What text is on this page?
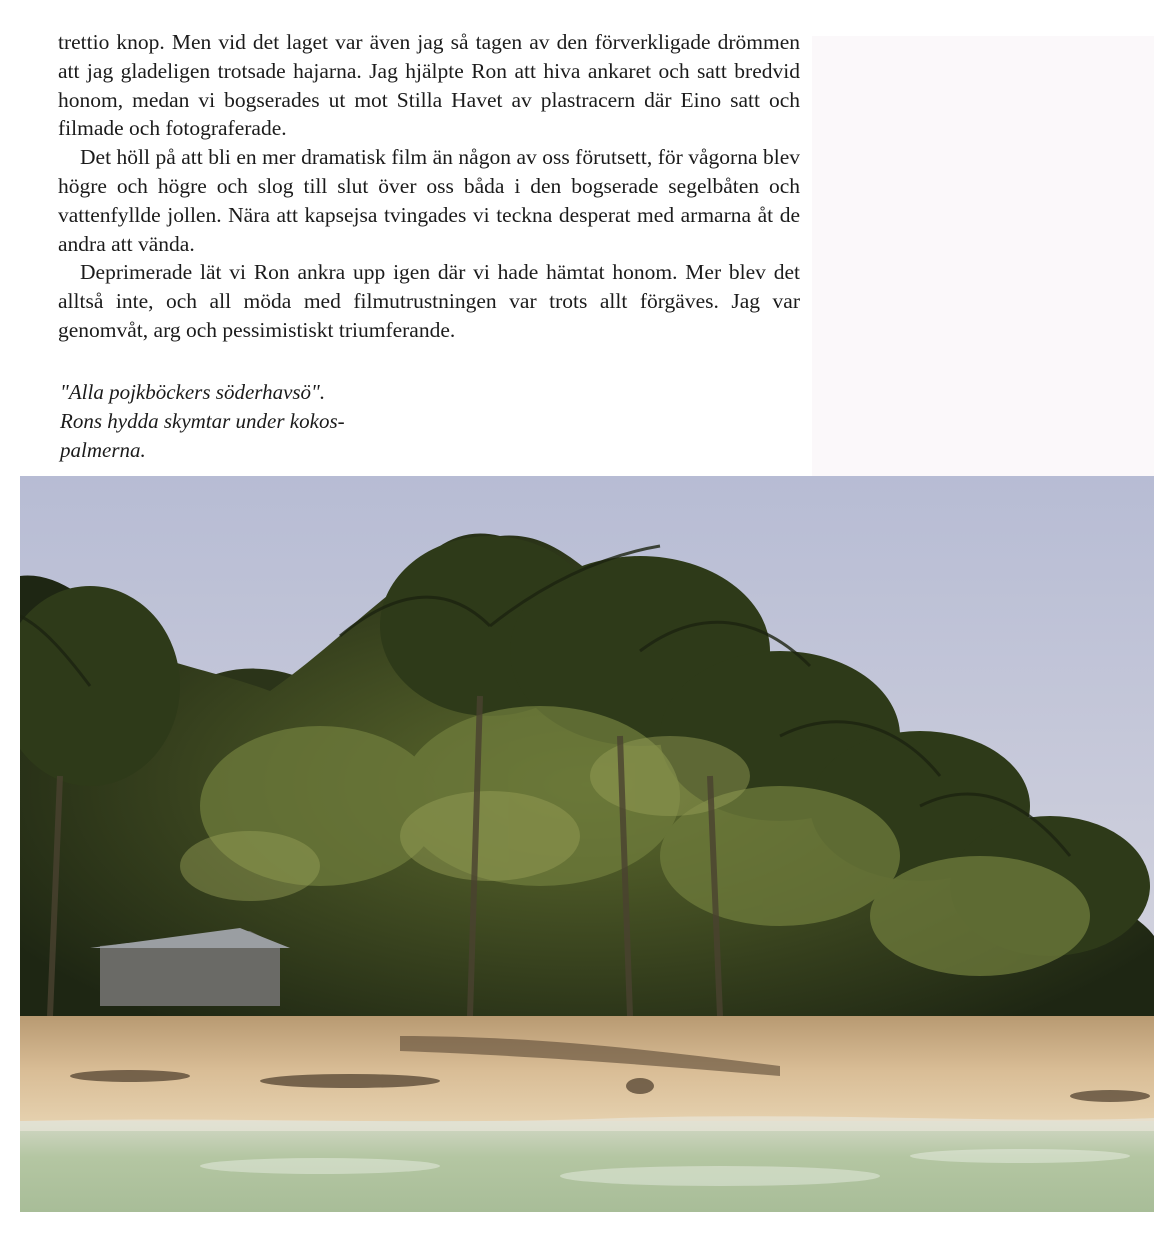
trettio knop. Men vid det laget var även jag så tagen av den förverkligade drömmen att jag gladeligen trotsade hajarna. Jag hjälpte Ron att hiva ankaret och satt bredvid honom, medan vi bogserades ut mot Stilla Havet av plastracern där Eino satt och filmade och fotograferade.

Det höll på att bli en mer dramatisk film än någon av oss förutsett, för vågorna blev högre och högre och slog till slut över oss båda i den bogserade segelbåten och vattenfyllde jollen. Nära att kapsejsa tvingades vi teckna desperat med armarna åt de andra att vända.

Deprimerade lät vi Ron ankra upp igen där vi hade hämtat honom. Mer blev det alltså inte, och all möda med filmutrustningen var trots allt förgäves. Jag var genomvåt, arg och pessimistiskt triumferande.

"Alla pojkböckers söderhavsö".
Rons hydda skymtar under kokos-
palmerna.
